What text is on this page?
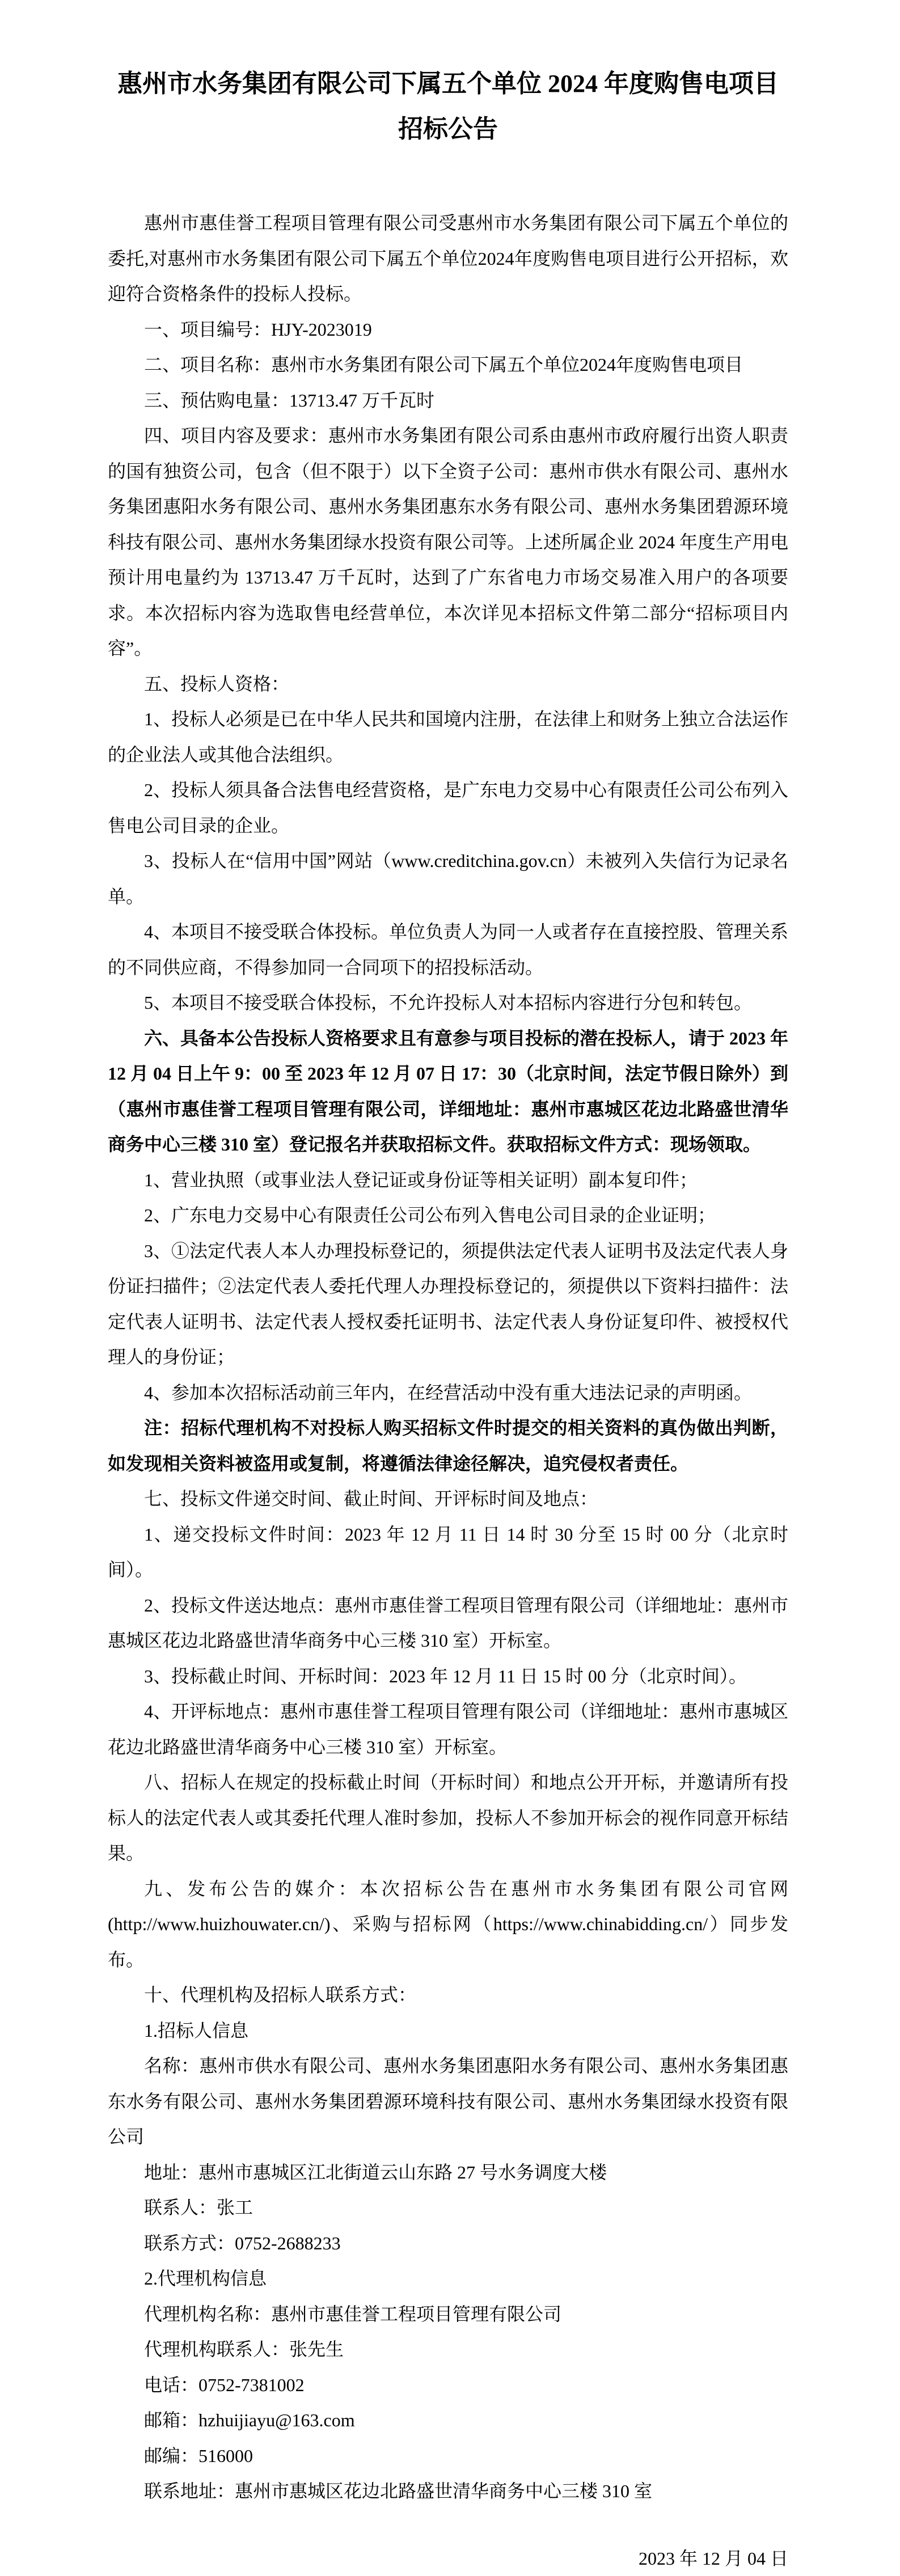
惠州市水务集团有限公司下属五个单位 2024 年度购售电项目
招标公告

惠州市惠佳誉工程项目管理有限公司受惠州市水务集团有限公司下属五个单位的委托,对惠州市水务集团有限公司下属五个单位2024年度购售电项目进行公开招标，欢迎符合资格条件的投标人投标。

一、项目编号：HJY-2023019

二、项目名称：惠州市水务集团有限公司下属五个单位2024年度购售电项目

三、预估购电量：13713.47 万千瓦时

四、项目内容及要求：惠州市水务集团有限公司系由惠州市政府履行出资人职责的国有独资公司，包含（但不限于）以下全资子公司：惠州市供水有限公司、惠州水务集团惠阳水务有限公司、惠州水务集团惠东水务有限公司、惠州水务集团碧源环境科技有限公司、惠州水务集团绿水投资有限公司等。上述所属企业 2024 年度生产用电预计用电量约为 13713.47 万千瓦时，达到了广东省电力市场交易准入用户的各项要求。本次招标内容为选取售电经营单位，本次详见本招标文件第二部分“招标项目内容”。

五、投标人资格：

1、投标人必须是已在中华人民共和国境内注册，在法律上和财务上独立合法运作的企业法人或其他合法组织。

2、投标人须具备合法售电经营资格，是广东电力交易中心有限责任公司公布列入售电公司目录的企业。

3、投标人在“信用中国”网站（www.creditchina.gov.cn）未被列入失信行为记录名单。

4、本项目不接受联合体投标。单位负责人为同一人或者存在直接控股、管理关系的不同供应商，不得参加同一合同项下的招投标活动。

5、本项目不接受联合体投标，不允许投标人对本招标内容进行分包和转包。

六、具备本公告投标人资格要求且有意参与项目投标的潜在投标人，请于 2023 年 12 月 04 日上午 9：00 至 2023 年 12 月 07 日 17：30（北京时间，法定节假日除外）到（惠州市惠佳誉工程项目管理有限公司，详细地址：惠州市惠城区花边北路盛世清华商务中心三楼 310 室）登记报名并获取招标文件。获取招标文件方式：现场领取。

1、营业执照（或事业法人登记证或身份证等相关证明）副本复印件；

2、广东电力交易中心有限责任公司公布列入售电公司目录的企业证明；

3、①法定代表人本人办理投标登记的，须提供法定代表人证明书及法定代表人身份证扫描件；②法定代表人委托代理人办理投标登记的，须提供以下资料扫描件：法定代表人证明书、法定代表人授权委托证明书、法定代表人身份证复印件、被授权代理人的身份证；

4、参加本次招标活动前三年内，在经营活动中没有重大违法记录的声明函。

注：招标代理机构不对投标人购买招标文件时提交的相关资料的真伪做出判断，如发现相关资料被盗用或复制，将遵循法律途径解决，追究侵权者责任。

七、投标文件递交时间、截止时间、开评标时间及地点：

1、递交投标文件时间：2023 年 12 月 11 日 14 时 30 分至 15 时 00 分（北京时间）。

2、投标文件送达地点：惠州市惠佳誉工程项目管理有限公司（详细地址：惠州市惠城区花边北路盛世清华商务中心三楼 310 室）开标室。

3、投标截止时间、开标时间：2023 年 12 月 11 日 15 时 00 分（北京时间）。

4、开评标地点：惠州市惠佳誉工程项目管理有限公司（详细地址：惠州市惠城区花边北路盛世清华商务中心三楼 310 室）开标室。

八、招标人在规定的投标截止时间（开标时间）和地点公开开标，并邀请所有投标人的法定代表人或其委托代理人准时参加，投标人不参加开标会的视作同意开标结果。

九、发布公告的媒介：本次招标公告在惠州市水务集团有限公司官网(http://www.huizhouwater.cn/)、采购与招标网（https://www.chinabidding.cn/）同步发布。

十、代理机构及招标人联系方式：

1.招标人信息

名称：惠州市供水有限公司、惠州水务集团惠阳水务有限公司、惠州水务集团惠东水务有限公司、惠州水务集团碧源环境科技有限公司、惠州水务集团绿水投资有限公司

地址：惠州市惠城区江北街道云山东路 27 号水务调度大楼

联系人：张工

联系方式：0752-2688233

2.代理机构信息

代理机构名称：惠州市惠佳誉工程项目管理有限公司

代理机构联系人：张先生

电话：0752-7381002

邮箱：hzhuijiayu@163.com

邮编：516000

联系地址：惠州市惠城区花边北路盛世清华商务中心三楼 310 室

2023 年 12 月 04 日
